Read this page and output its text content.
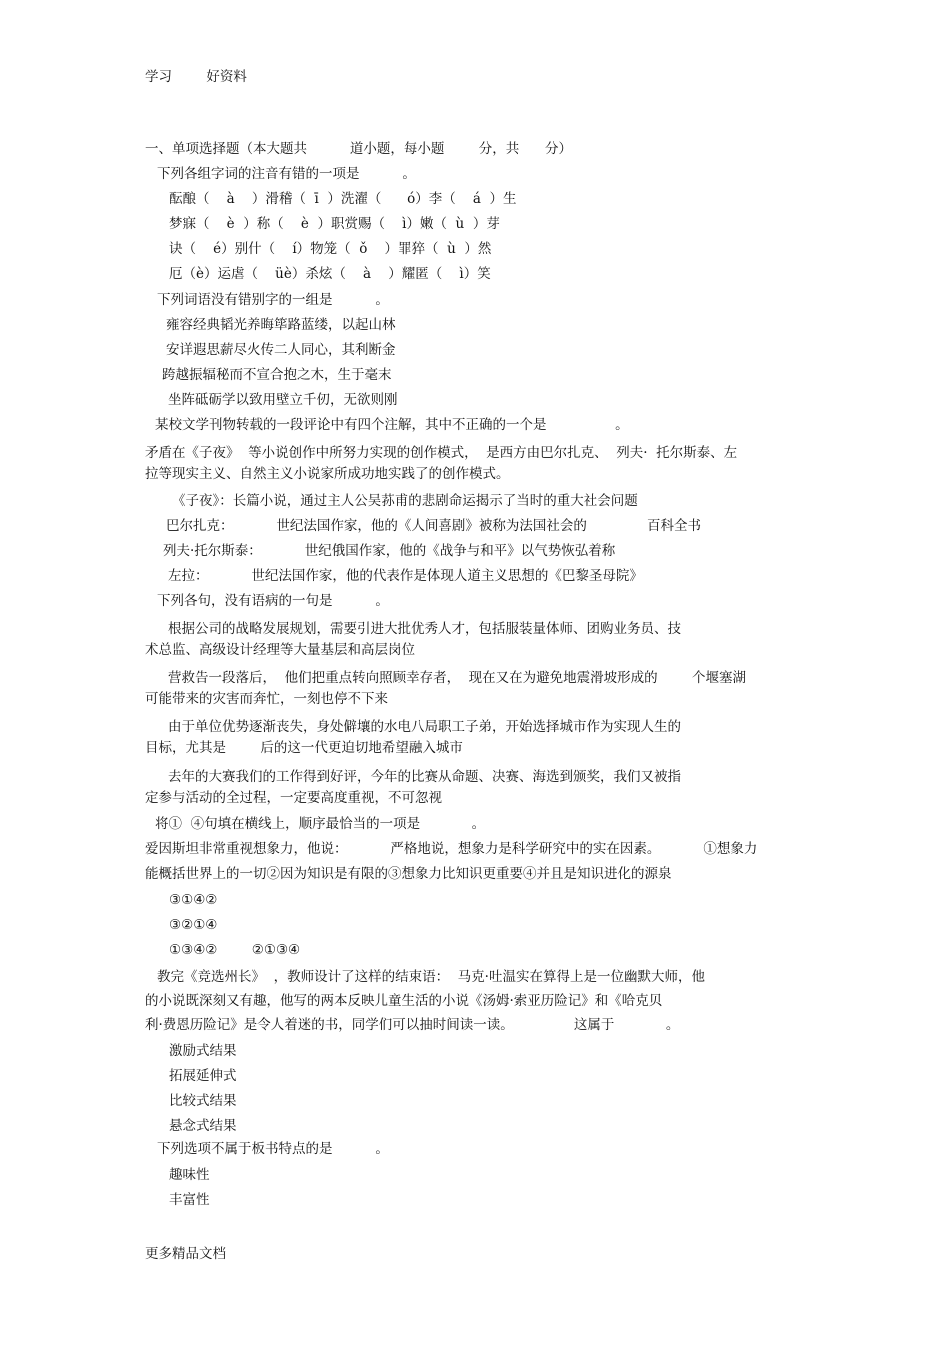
学习        好资料
一、单项选择题（本大题共          道小题，每小题        分，共      分）
下列各组字词的注音有错的一项是          。
酝酿（    à    ）滑稽（  ī  ）洗濯（      ó）李（    á  ）生
梦寐（    è  ）称（    è  ）职赏赐（    ì）嫩（  ù  ）芽
诀（    é）别什（    í）物笼（  ǒ    ）罪猝（  ù  ）然
厄（è）运虐（    üè）杀炫（    à    ）耀匿（    ì）笑
下列词语没有错别字的一组是          。
雍容经典韬光养晦筚路蓝缕，以起山林
安详遐思薪尽火传二人同心，其利断金
跨越振辐秘而不宣合抱之木，生于毫末
坐阵砥砺学以致用壁立千仞，无欲则刚
某校文学刊物转载的一段评论中有四个注解，其中不正确的一个是                。
矛盾在《子夜》  等小说创作中所努力实现的创作模式，  是西方由巴尔扎克、  列夫·  托尔斯泰、左
拉等现实主义、自然主义小说家所成功地实践了的创作模式。
《子夜》：长篇小说，通过主人公吴荪甫的悲剧命运揭示了当时的重大社会问题
巴尔扎克：          世纪法国作家，他的《人间喜剧》被称为法国社会的              百科全书
列夫·托尔斯泰：          世纪俄国作家，他的《战争与和平》以气势恢弘着称
左拉：          世纪法国作家，他的代表作是体现人道主义思想的《巴黎圣母院》
下列各句，没有语病的一句是          。
根据公司的战略发展规划，需要引进大批优秀人才，包括服装量体师、团购业务员、技
术总监、高级设计经理等大量基层和高层岗位
营救告一段落后，  他们把重点转向照顾幸存者，  现在又在为避免地震滑坡形成的        个堰塞湖
可能带来的灾害而奔忙，一刻也停不下来
由于单位优势逐渐丧失，身处僻壤的水电八局职工子弟，开始选择城市作为实现人生的
目标，尤其是        后的这一代更迫切地希望融入城市
去年的大赛我们的工作得到好评，今年的比赛从命题、决赛、海选到颁奖，我们又被指
定参与活动的全过程，一定要高度重视，不可忽视
将①  ④句填在横线上，顺序最恰当的一项是            。
爱因斯坦非常重视想象力，他说：          严格地说，想象力是科学研究中的实在因素。          ①想象力
能概括世界上的一切②因为知识是有限的③想象力比知识更重要④并且是知识进化的源泉
③①④②
③②①④
①③④②        ②①③④
教完《竞选州长》  ，教师设计了这样的结束语：  马克·吐温实在算得上是一位幽默大师，他
的小说既深刻又有趣，他写的两本反映儿童生活的小说《汤姆·索亚历险记》和《哈克贝
利·费恩历险记》是令人着迷的书，同学们可以抽时间读一读。              这属于            。
激励式结果
拓展延伸式
比较式结果
悬念式结果
下列选项不属于板书特点的是          。
趣味性
丰富性
更多精品文档
